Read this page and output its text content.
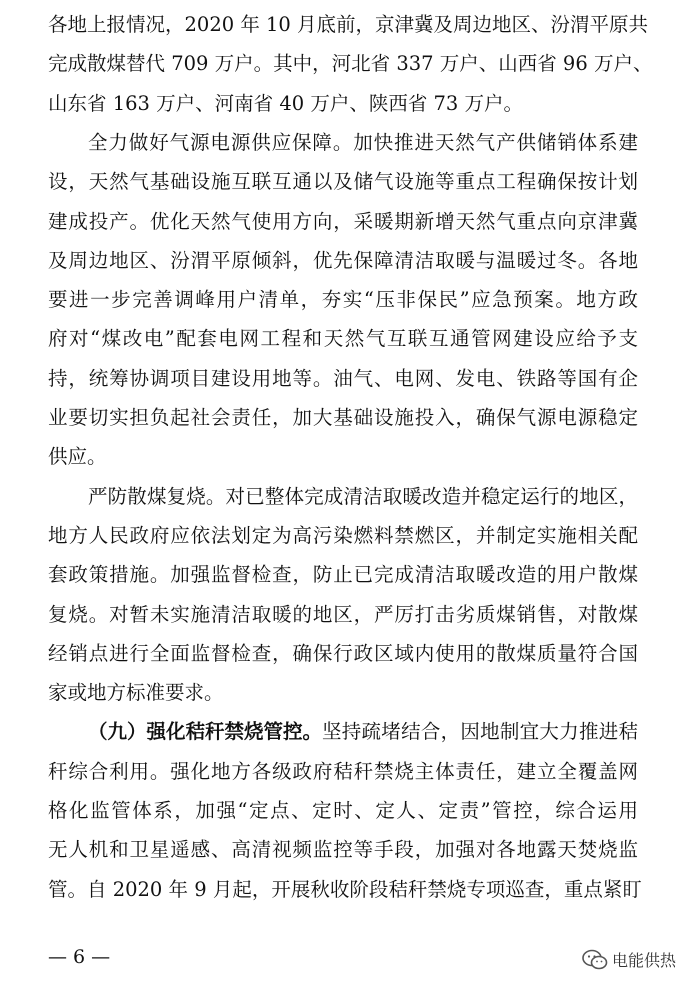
各地上报情况，2020 年 10 月底前，京津冀及周边地区、汾渭平原共
完成散煤替代 709 万户。其中，河北省 337 万户、山西省 96 万户、
山东省 163 万户、河南省 40 万户、陕西省 73 万户。
全力做好气源电源供应保障。加快推进天然气产供储销体系建
设，天然气基础设施互联互通以及储气设施等重点工程确保按计划
建成投产。优化天然气使用方向，采暖期新增天然气重点向京津冀
及周边地区、汾渭平原倾斜，优先保障清洁取暖与温暖过冬。各地
要进一步完善调峰用户清单，夯实“压非保民”应急预案。地方政
府对“煤改电”配套电网工程和天然气互联互通管网建设应给予支
持，统筹协调项目建设用地等。油气、电网、发电、铁路等国有企
业要切实担负起社会责任，加大基础设施投入，确保气源电源稳定
供应。
严防散煤复烧。对已整体完成清洁取暖改造并稳定运行的地区，
地方人民政府应依法划定为高污染燃料禁燃区，并制定实施相关配
套政策措施。加强监督检查，防止已完成清洁取暖改造的用户散煤
复烧。对暂未实施清洁取暖的地区，严厉打击劣质煤销售，对散煤
经销点进行全面监督检查，确保行政区域内使用的散煤质量符合国
家或地方标准要求。
（九）强化秸秆禁烧管控。 坚持疏堵结合，因地制宜大力推进秸
秆综合利用。强化地方各级政府秸秆禁烧主体责任，建立全覆盖网
格化监管体系，加强“定点、定时、定人、定责”管控，综合运用
无人机和卫星遥感、高清视频监控等手段，加强对各地露天焚烧监
管。自 2020 年 9 月起，开展秋收阶段秸秆禁烧专项巡查，重点紧盯
— 6 —	电能供热
